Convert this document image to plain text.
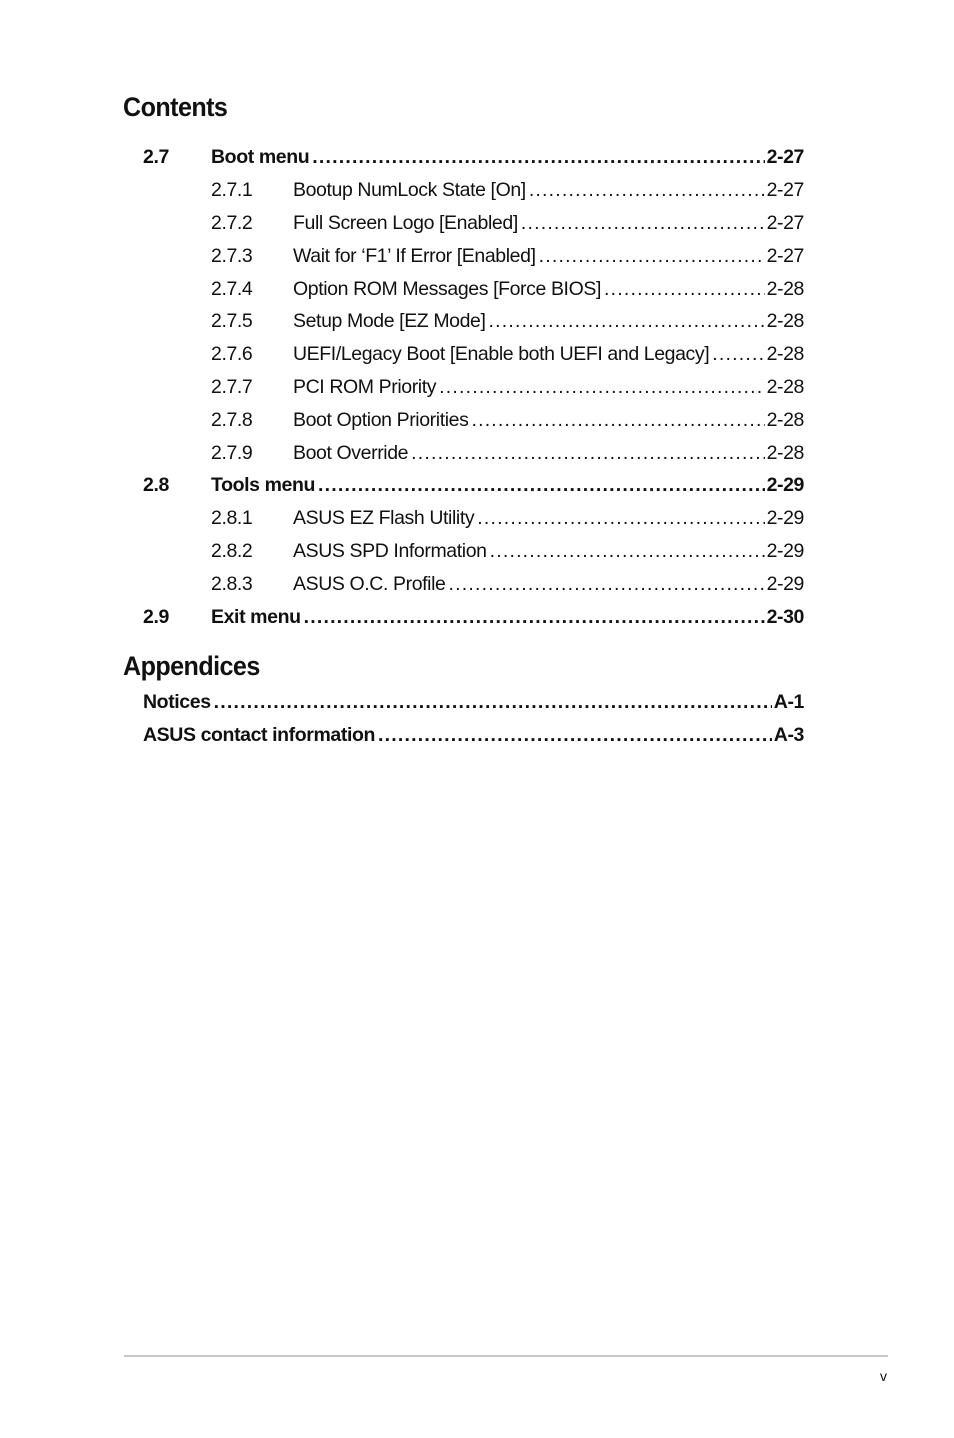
Contents
2.7 Boot menu .....	2-27
2.7.1 Bootup NumLock State [On] .....	2-27
2.7.2 Full Screen Logo [Enabled] .....	2-27
2.7.3 Wait for ‘F1’ If Error [Enabled] .....	2-27
2.7.4 Option ROM Messages [Force BIOS] .....	2-28
2.7.5 Setup Mode [EZ Mode] .....	2-28
2.7.6 UEFI/Legacy Boot [Enable both UEFI and Legacy] .....	2-28
2.7.7 PCI ROM Priority .....	2-28
2.7.8 Boot Option Priorities .....	2-28
2.7.9 Boot Override .....	2-28
2.8 Tools menu .....	2-29
2.8.1 ASUS EZ Flash Utility .....	2-29
2.8.2 ASUS SPD Information .....	2-29
2.8.3 ASUS O.C. Profile .....	2-29
2.9 Exit menu .....	2-30
Appendices
Notices .....	A-1
ASUS contact information .....	A-3
v
